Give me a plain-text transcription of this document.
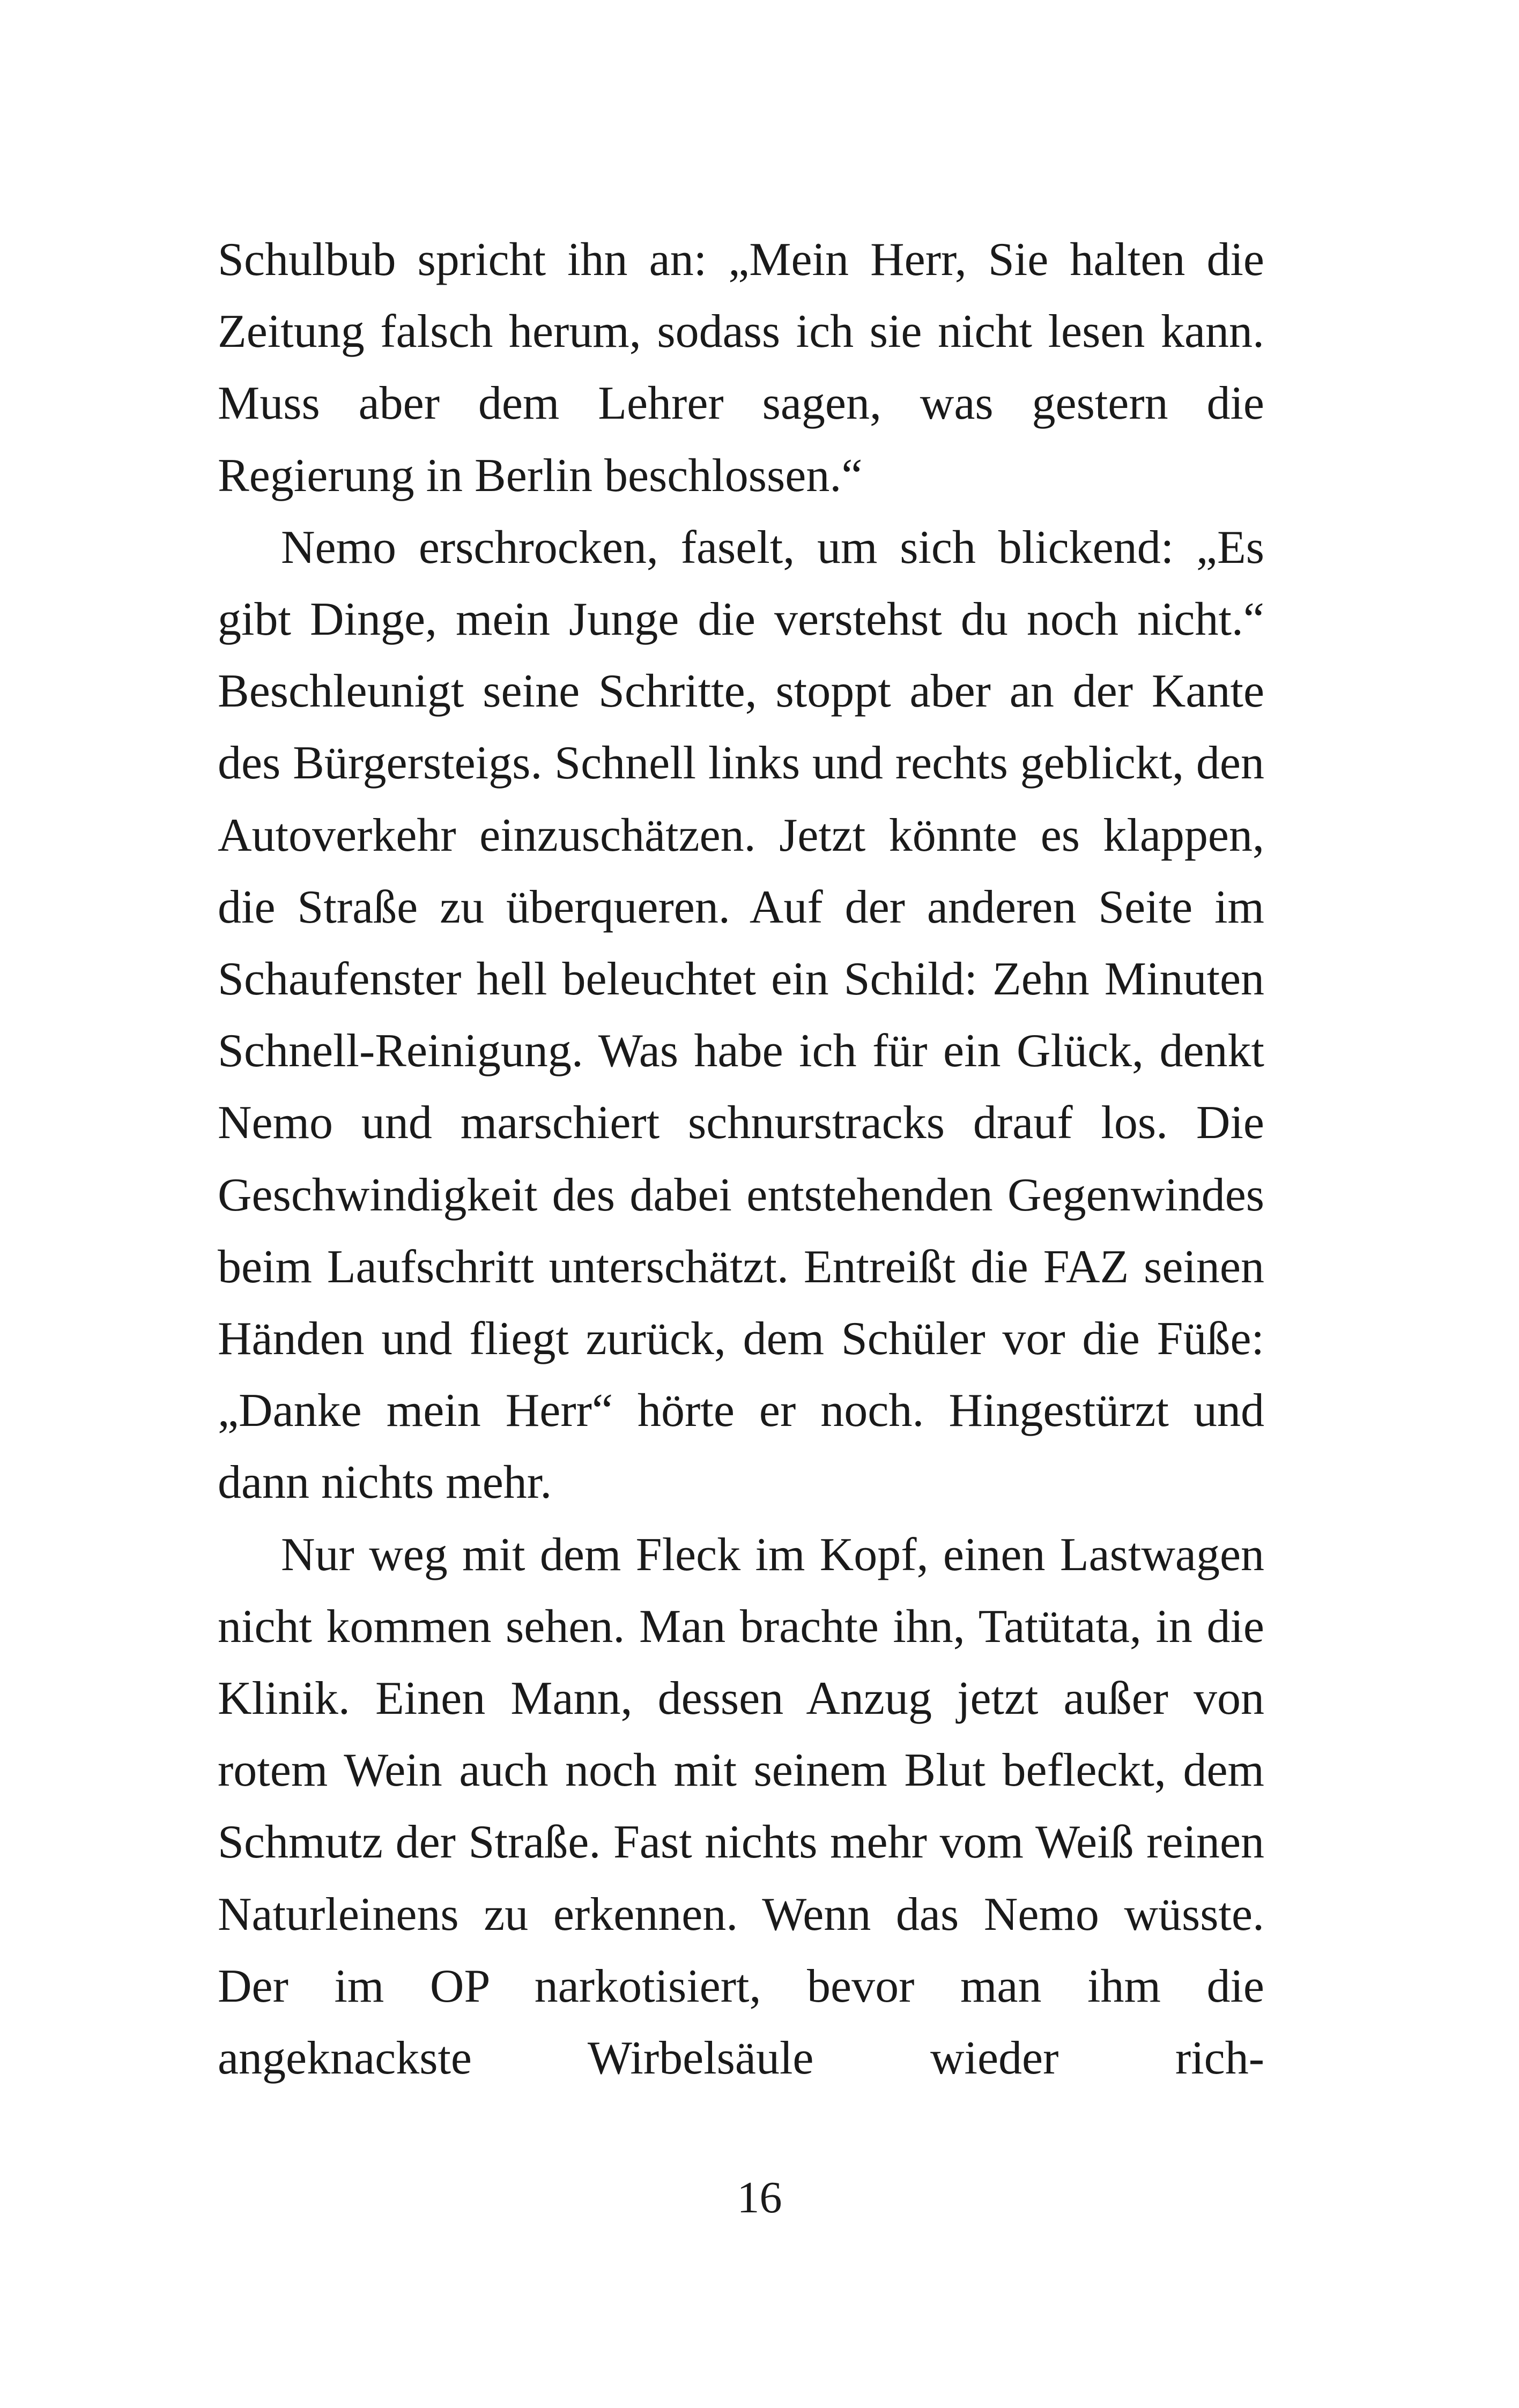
Schulbub spricht ihn an: „Mein Herr, Sie halten die Zeitung falsch herum, sodass ich sie nicht lesen kann. Muss aber dem Lehrer sagen, was gestern die Regierung in Berlin beschlossen.“

Nemo erschrocken, faselt, um sich blickend: „Es gibt Dinge, mein Junge die verstehst du noch nicht.“ Beschleunigt seine Schritte, stoppt aber an der Kante des Bürgersteigs. Schnell links und rechts geblickt, den Autoverkehr einzuschätzen. Jetzt könnte es klappen, die Straße zu überqueren. Auf der anderen Seite im Schaufenster hell beleuchtet ein Schild: Zehn Minuten Schnell-Reinigung. Was habe ich für ein Glück, denkt Nemo und marschiert schnurstracks drauf los. Die Geschwindigkeit des dabei entstehenden Gegenwindes beim Laufschritt unterschätzt. Entreißt die FAZ seinen Händen und fliegt zurück, dem Schüler vor die Füße: „Danke mein Herr“ hörte er noch. Hingestürzt und dann nichts mehr.

Nur weg mit dem Fleck im Kopf, einen Lastwagen nicht kommen sehen. Man brachte ihn, Tatütata, in die Klinik. Einen Mann, dessen Anzug jetzt außer von rotem Wein auch noch mit seinem Blut befleckt, dem Schmutz der Straße. Fast nichts mehr vom Weiß reinen Naturleinens zu erkennen. Wenn das Nemo wüsste. Der im OP narkotisiert, bevor man ihm die angeknackste Wirbelsäule wieder rich-

16
